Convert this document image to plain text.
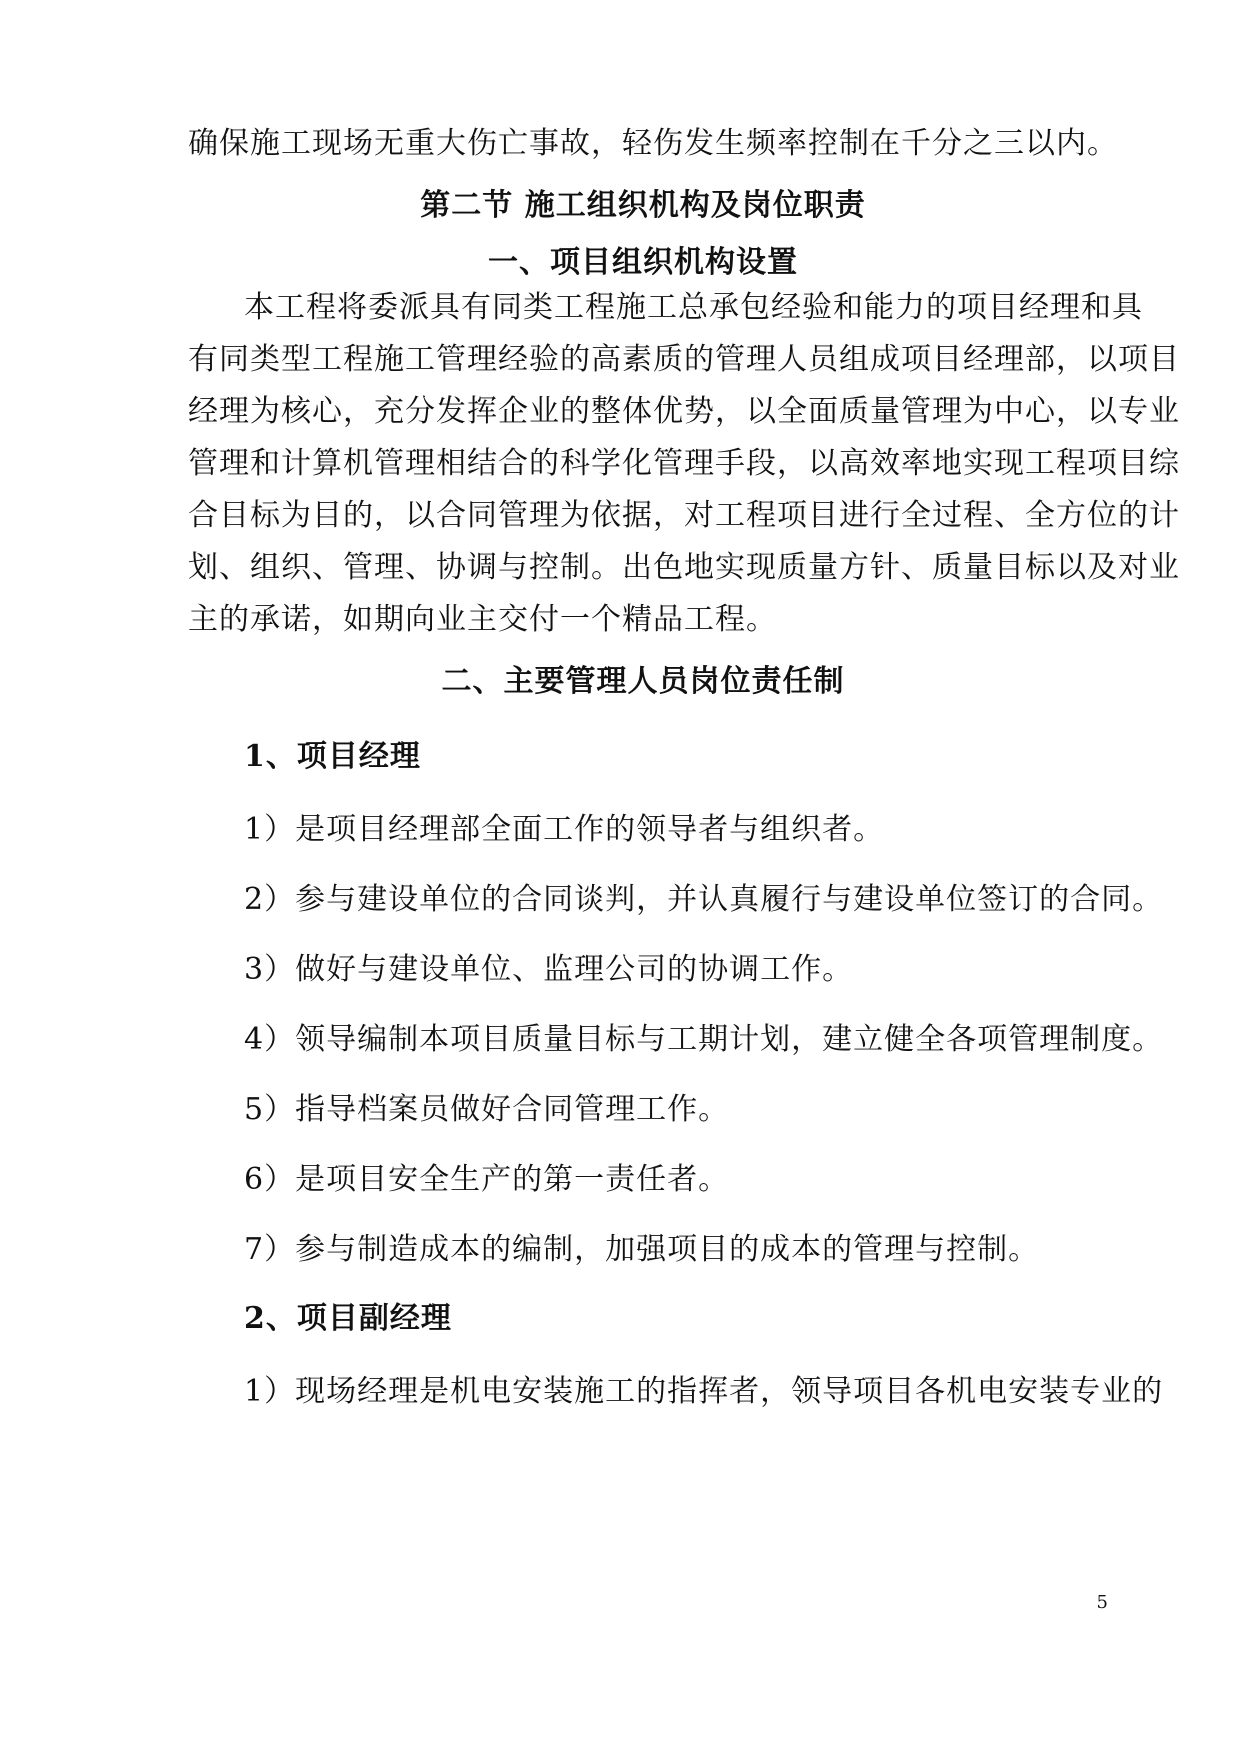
确保施工现场无重大伤亡事故，轻伤发生频率控制在千分之三以内。
第二节 施工组织机构及岗位职责
一、项目组织机构设置
本工程将委派具有同类工程施工总承包经验和能力的项目经理和具
有同类型工程施工管理经验的高素质的管理人员组成项目经理部，以项目
经理为核心，充分发挥企业的整体优势，以全面质量管理为中心，以专业
管理和计算机管理相结合的科学化管理手段，以高效率地实现工程项目综
合目标为目的，以合同管理为依据，对工程项目进行全过程、全方位的计
划、组织、管理、协调与控制。出色地实现质量方针、质量目标以及对业
主的承诺，如期向业主交付一个精品工程。
二、主要管理人员岗位责任制
1、项目经理
1）是项目经理部全面工作的领导者与组织者。
2）参与建设单位的合同谈判，并认真履行与建设单位签订的合同。
3）做好与建设单位、监理公司的协调工作。
4）领导编制本项目质量目标与工期计划，建立健全各项管理制度。
5）指导档案员做好合同管理工作。
6）是项目安全生产的第一责任者。
7）参与制造成本的编制，加强项目的成本的管理与控制。
2、项目副经理
1）现场经理是机电安装施工的指挥者，领导项目各机电安装专业的
5
